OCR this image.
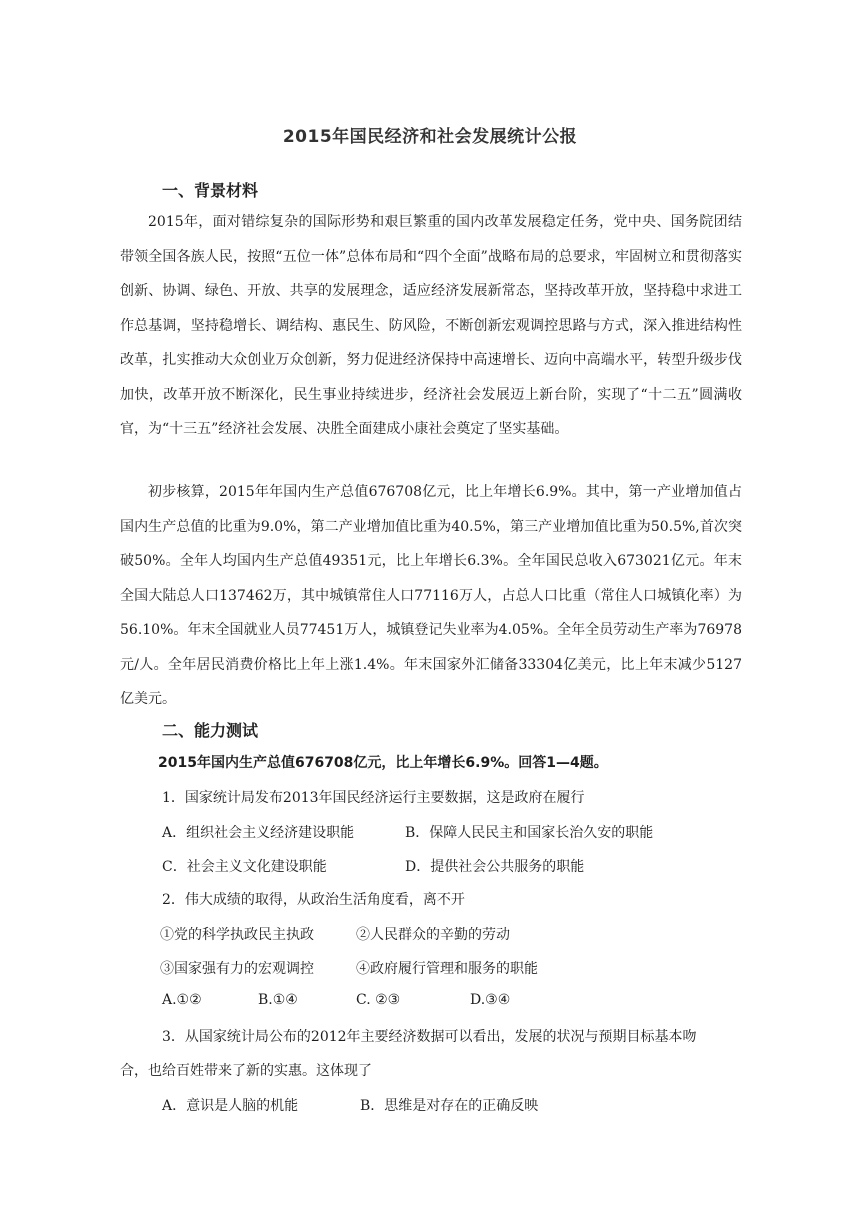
2015年国民经济和社会发展统计公报
一、背景材料

2015年，面对错综复杂的国际形势和艰巨繁重的国内改革发展稳定任务，党中央、国务院团结带领全国各族人民，按照“五位一体”总体布局和“四个全面”战略布局的总要求，牢固树立和贯彻落实创新、协调、绿色、开放、共享的发展理念，适应经济发展新常态，坚持改革开放，坚持稳中求进工作总基调，坚持稳增长、调结构、惠民生、防风险，不断创新宏观调控思路与方式，深入推进结构性改革，扎实推动大众创业万众创新，努力促进经济保持中高速增长、迈向中高端水平，转型升级步伐加快，改革开放不断深化，民生事业持续进步，经济社会发展迈上新台阶，实现了“十二五”圆满收官，为“十三五”经济社会发展、决胜全面建成小康社会奠定了坚实基础。

初步核算，2015年年国内生产总值676708亿元，比上年增长6.9%。其中，第一产业增加值占国内生产总值的比重为9.0%，第二产业增加值比重为40.5%，第三产业增加值比重为50.5%,首次突破50%。全年人均国内生产总值49351元，比上年增长6.3%。全年国民总收入673021亿元。年末全国大陆总人口137462万，其中城镇常住人口77116万人，占总人口比重（常住人口城镇化率）为56.10%。年末全国就业人员77451万人，城镇登记失业率为4.05%。全年全员劳动生产率为76978元/人。全年居民消费价格比上年上涨1.4%。年末国家外汇储备33304亿美元，比上年末减少5127亿美元。

二、能力测试
2015年国内生产总值676708亿元，比上年增长6.9%。回答1—4题。
1．国家统计局发布2013年国民经济运行主要数据，这是政府在履行
A．组织社会主义经济建设职能	B．保障人民民主和国家长治久安的职能
C．社会主义文化建设职能	D．提供社会公共服务的职能
2．伟大成绩的取得，从政治生活角度看，离不开
①党的科学执政民主执政	②人民群众的辛勤的劳动
③国家强有力的宏观调控	④政府履行管理和服务的职能
A.①②	B.①④	C. ②③	D.③④
3．从国家统计局公布的2012年主要经济数据可以看出，发展的状况与预期目标基本吻
合，也给百姓带来了新的实惠。这体现了
A．意识是人脑的机能	B．思维是对存在的正确反映
